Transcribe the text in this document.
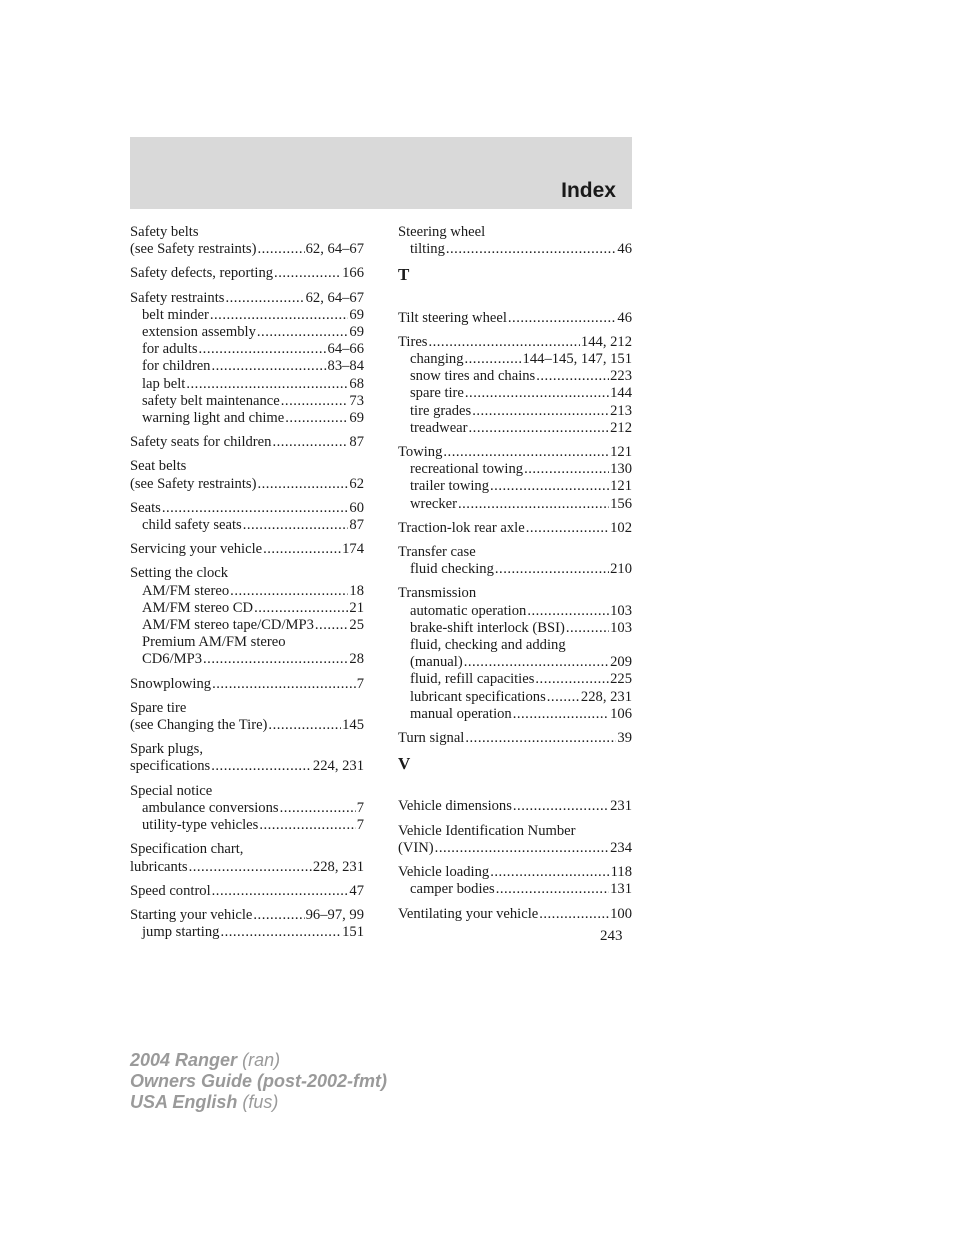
Index
Safety belts
(see Safety restraints) .....	62, 64–67
Safety defects, reporting .....	166
Safety restraints .....	62, 64–67
belt minder .....	69
extension assembly .....	69
for adults .....	64–66
for children .....	83–84
lap belt .....	68
safety belt maintenance .....	73
warning light and chime .....	69
Safety seats for children .....	87
Seat belts
(see Safety restraints) .....	62
Seats .....	60
child safety seats .....	87
Servicing your vehicle .....	174
Setting the clock
AM/FM stereo .....	18
AM/FM stereo CD .....	21
AM/FM stereo tape/CD/MP3 ..... 25
Premium AM/FM stereo
CD6/MP3 .....	28
Snowplowing .....	7
Spare tire
(see Changing the Tire) .....	145
Spark plugs,
specifications .....	224, 231
Special notice
ambulance conversions .....	7
utility-type vehicles .....	7
Specification chart,
lubricants .....	228, 231
Speed control .....	47
Starting your vehicle .....	96–97, 99
jump starting .....	151
Steering wheel
tilting .....	46
T
Tilt steering wheel .....	46
Tires .....	144, 212
changing .....	144–145, 147, 151
snow tires and chains .....	223
spare tire .....	144
tire grades .....	213
treadwear .....	212
Towing .....	121
recreational towing .....	130
trailer towing .....	121
wrecker .....	156
Traction-lok rear axle .....	102
Transfer case
fluid checking .....	210
Transmission
automatic operation .....	103
brake-shift interlock (BSI) .....	103
fluid, checking and adding
(manual) .....	209
fluid, refill capacities .....	225
lubricant specifications ..... 228, 231
manual operation .....	106
Turn signal .....	39
V
Vehicle dimensions .....	231
Vehicle Identification Number
(VIN) .....	234
Vehicle loading .....	118
camper bodies .....	131
Ventilating your vehicle .....	100
243
2004 Ranger (ran)
Owners Guide (post-2002-fmt)
USA English (fus)
